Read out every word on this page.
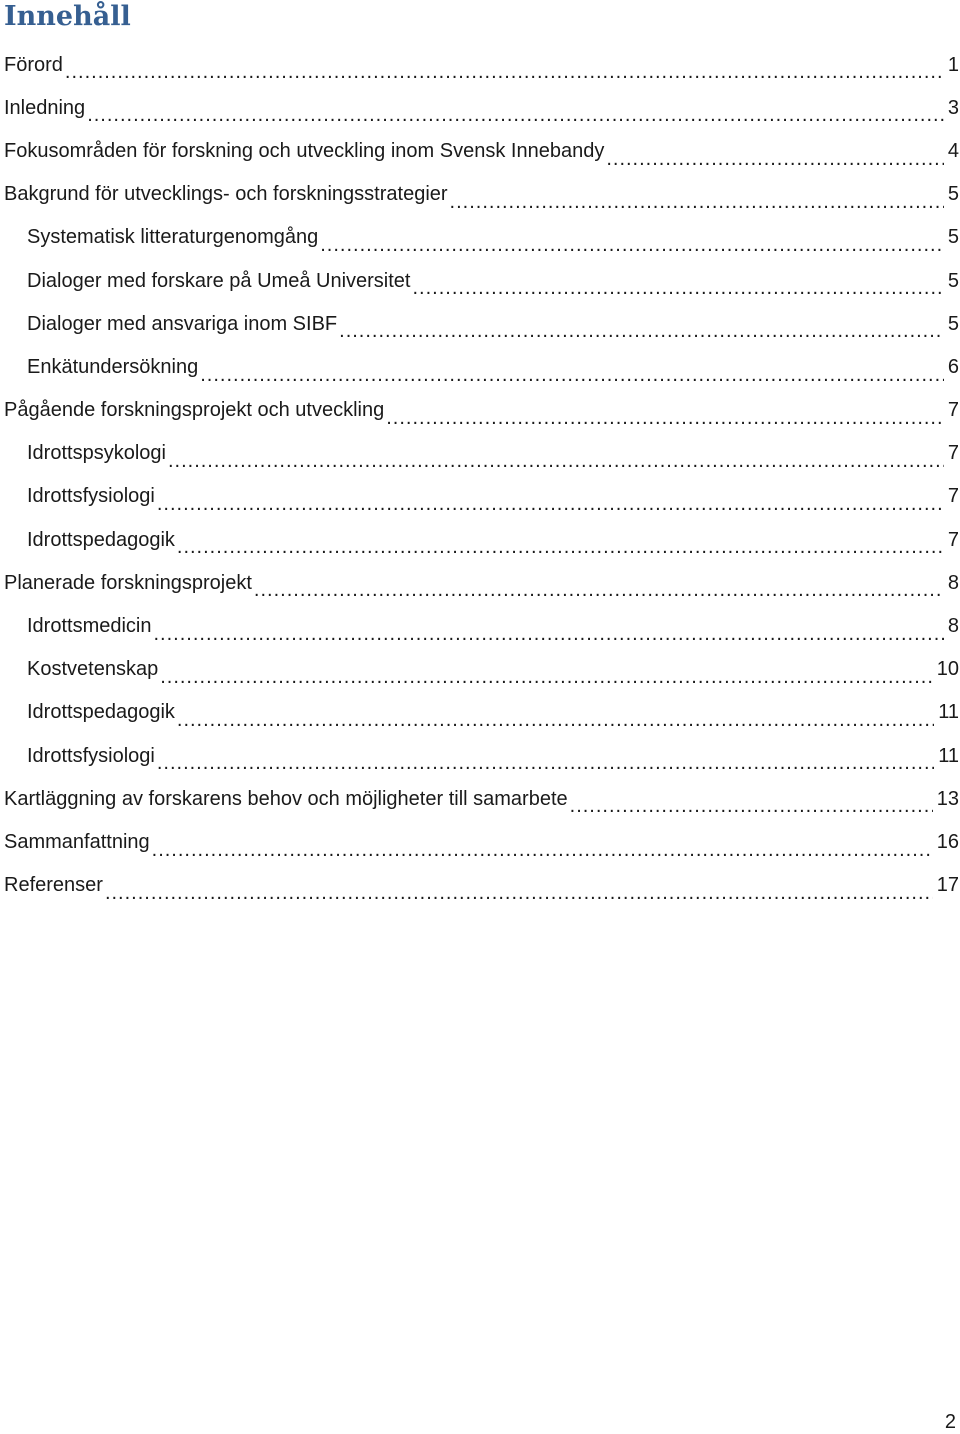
Innehåll
Förord .....	1
Inledning .....	3
Fokusområden för forskning och utveckling inom Svensk Innebandy .....	4
Bakgrund för utvecklings- och forskningsstrategier .....	5
Systematisk litteraturgenomgång .....	5
Dialoger med forskare på Umeå Universitet .....	5
Dialoger med ansvariga inom SIBF .....	5
Enkätundersökning .....	6
Pågående forskningsprojekt och utveckling .....	7
Idrottspsykologi .....	7
Idrottsfysiologi .....	7
Idrottspedagogik .....	7
Planerade forskningsprojekt .....	8
Idrottsmedicin .....	8
Kostvetenskap .....	10
Idrottspedagogik .....	11
Idrottsfysiologi .....	11
Kartläggning av forskarens behov och möjligheter till samarbete .....	13
Sammanfattning .....	16
Referenser .....	17
2
